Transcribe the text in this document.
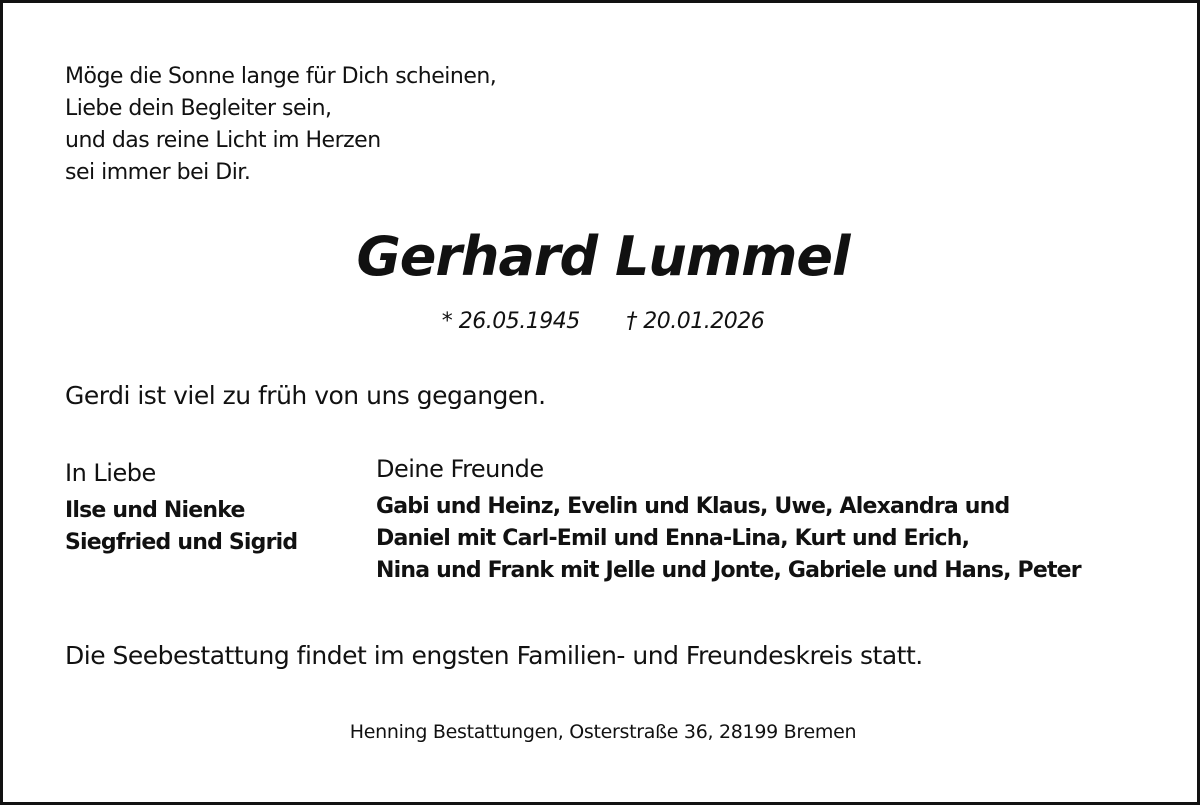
Möge die Sonne lange für Dich scheinen,
Liebe dein Begleiter sein,
und das reine Licht im Herzen
sei immer bei Dir.
Gerhard Lummel
* 26.05.1945 † 20.01.2026
Gerdi ist viel zu früh von uns gegangen.
In Liebe
Ilse und Nienke
Siegfried und Sigrid
Deine Freunde
Gabi und Heinz, Evelin und Klaus, Uwe, Alexandra und
Daniel mit Carl-Emil und Enna-Lina, Kurt und Erich,
Nina und Frank mit Jelle und Jonte, Gabriele und Hans, Peter
Die Seebestattung findet im engsten Familien- und Freundeskreis statt.
Henning Bestattungen, Osterstraße 36, 28199 Bremen
